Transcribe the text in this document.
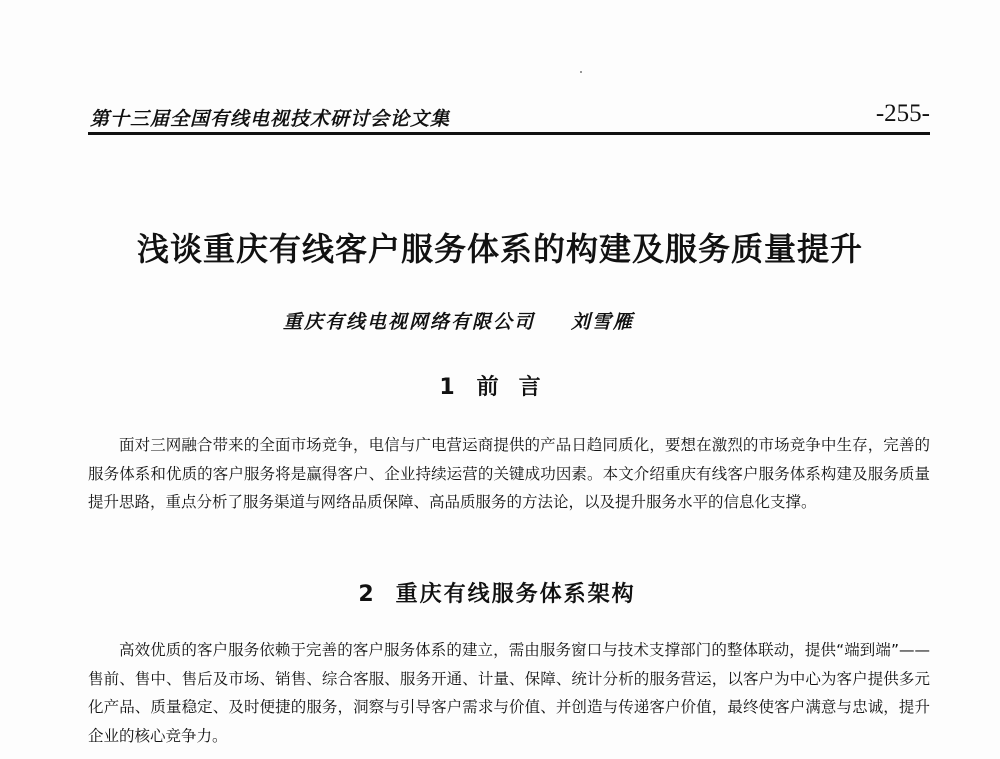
第十三届全国有线电视技术研讨会论文集	-255-
浅谈重庆有线客户服务体系的构建及服务质量提升
重庆有线电视网络有限公司 刘雪雁
1 前言

面对三网融合带来的全面市场竞争，电信与广电营运商提供的产品日趋同质化，要想在激烈的市场竞争中生存，完善的服务体系和优质的客户服务将是赢得客户、企业持续运营的关键成功因素。本文介绍重庆有线客户服务体系构建及服务质量提升思路，重点分析了服务渠道与网络品质保障、高品质服务的方法论，以及提升服务水平的信息化支撑。

2 重庆有线服务体系架构

高效优质的客户服务依赖于完善的客户服务体系的建立，需由服务窗口与技术支撑部门的整体联动，提供“端到端”——售前、售中、售后及市场、销售、综合客服、服务开通、计量、保障、统计分析的服务营运，以客户为中心为客户提供多元化产品、质量稳定、及时便捷的服务，洞察与引导客户需求与价值、并创造与传递客户价值，最终使客户满意与忠诚，提升企业的核心竞争力。
